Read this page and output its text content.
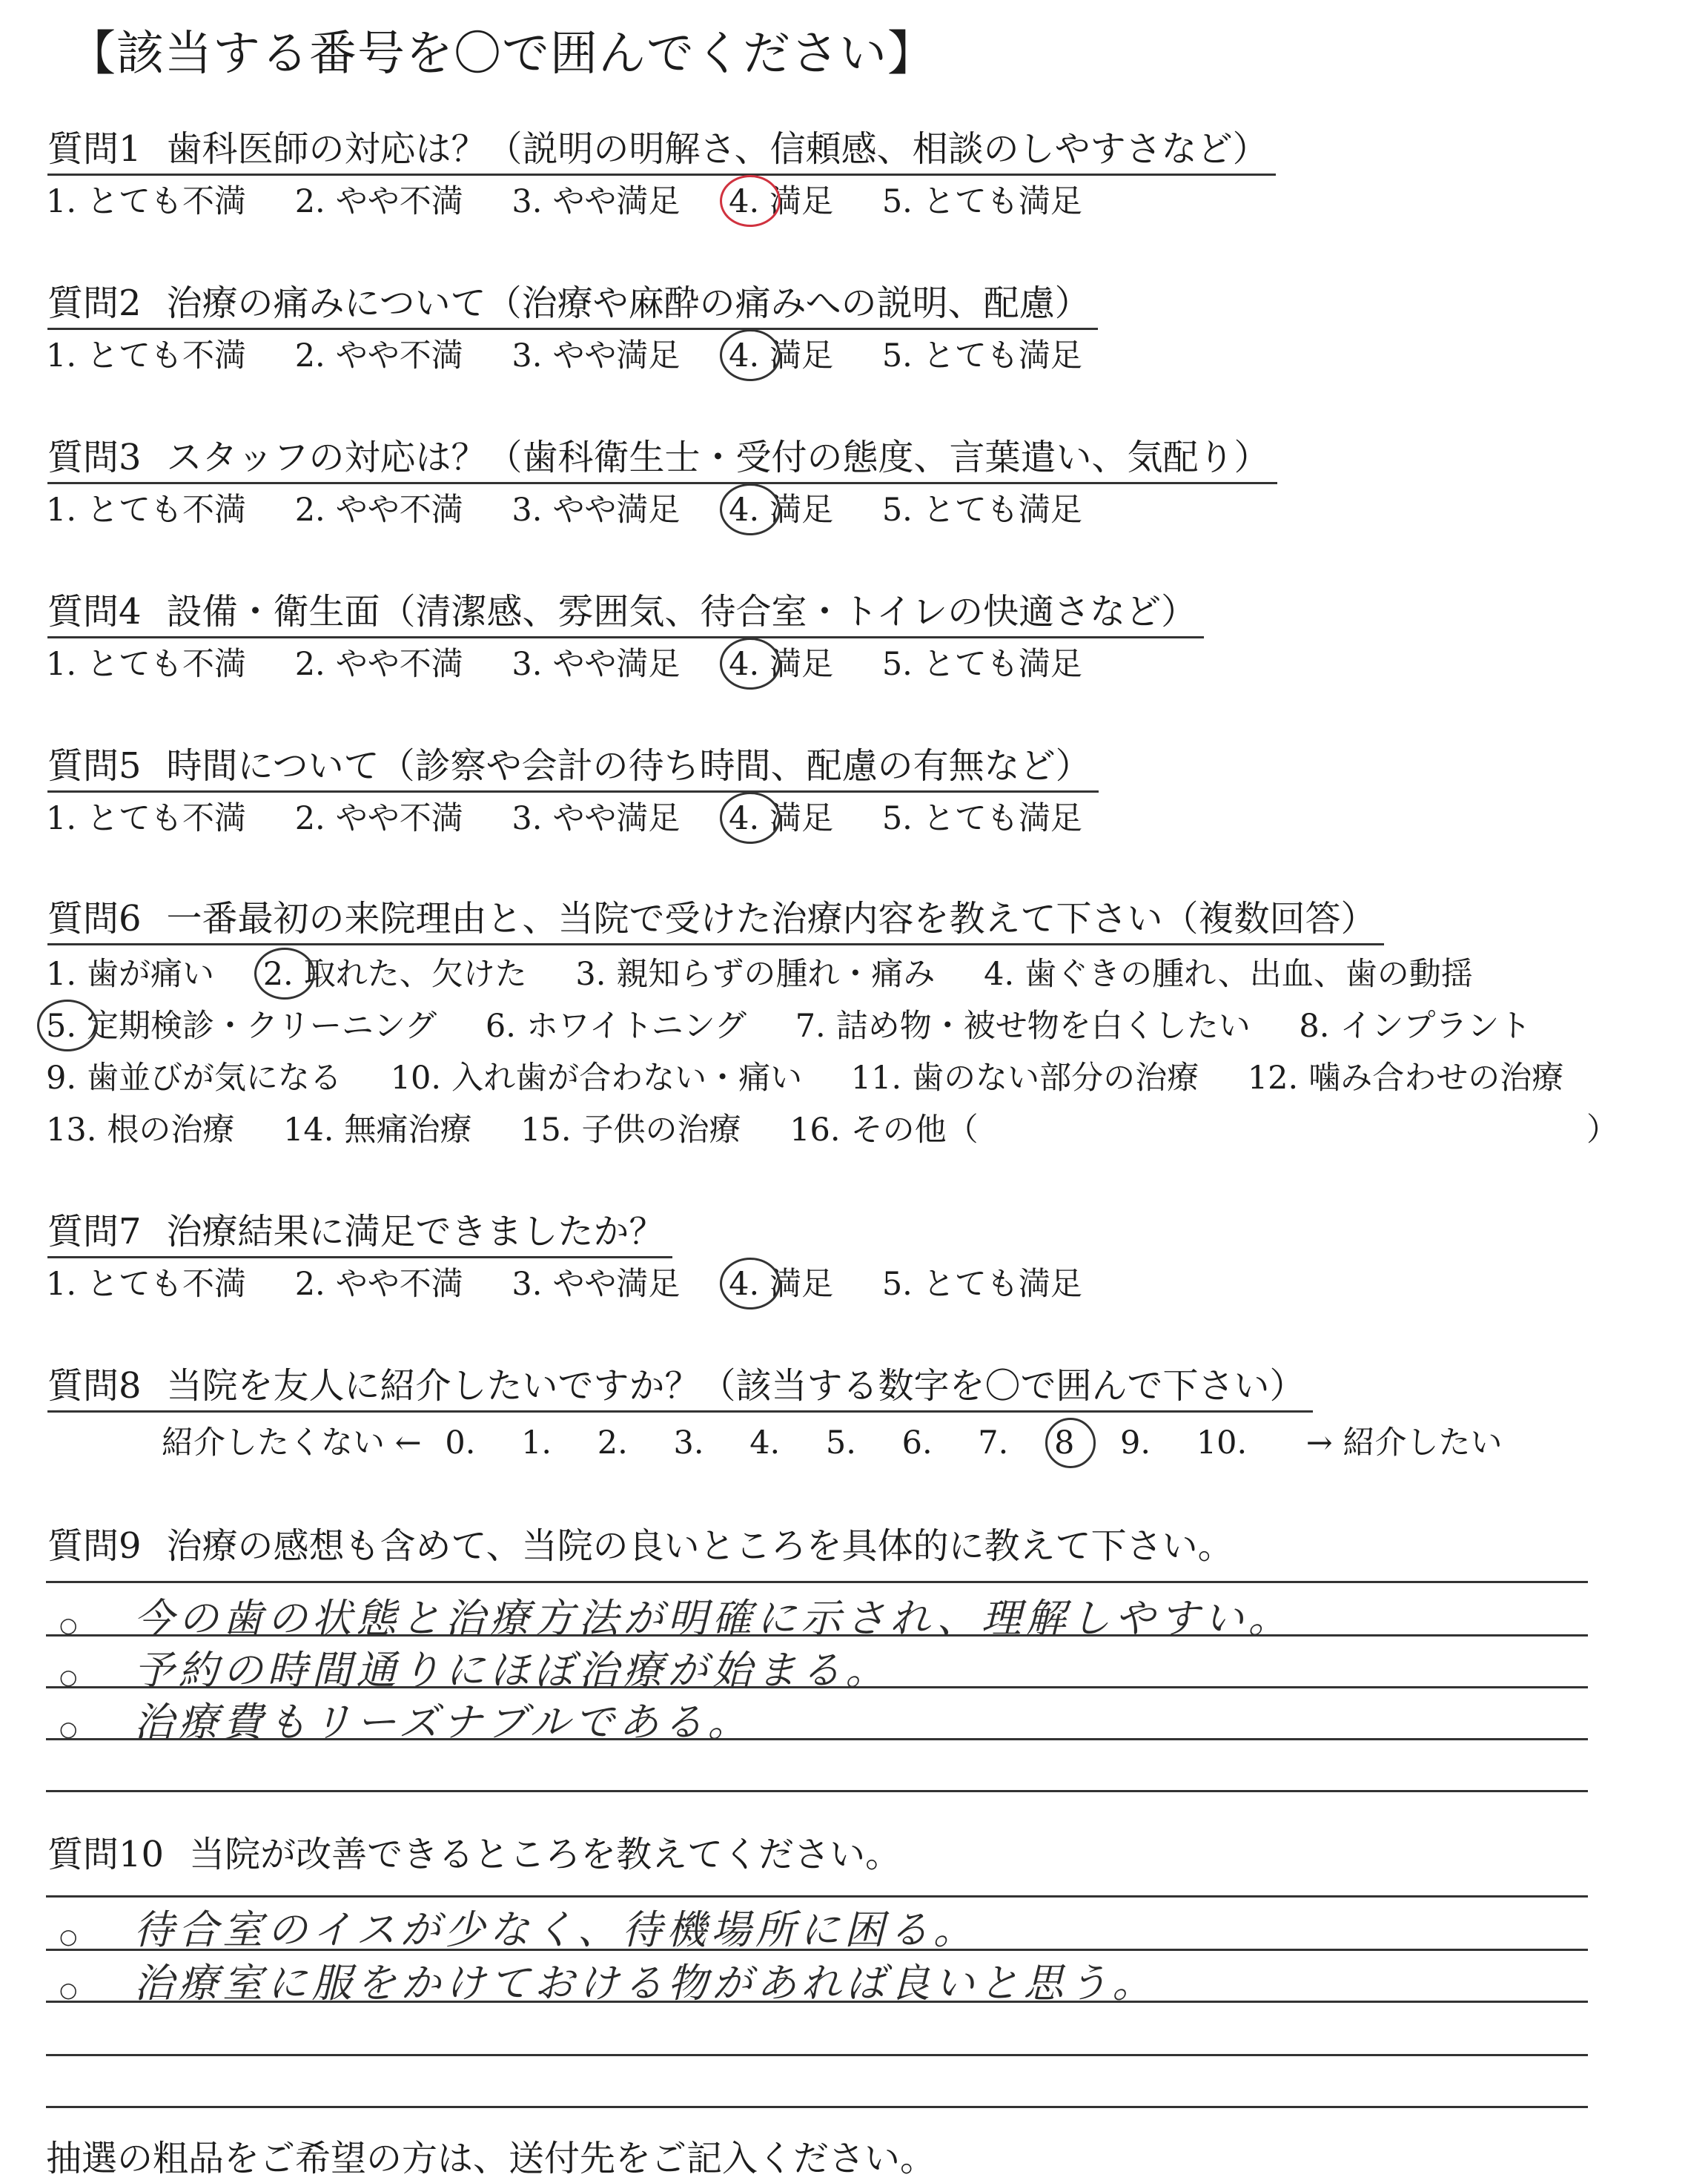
【該当する番号を〇で囲んでください】
質問1 歯科医師の対応は？（説明の明解さ、信頼感、相談のしやすさなど）
1. とても不満 2. やや不満 3. やや満足 4. 満足 5. とても満足
質問2 治療の痛みについて（治療や麻酔の痛みへの説明、配慮）
1. とても不満 2. やや不満 3. やや満足 4. 満足 5. とても満足
質問3 スタッフの対応は？（歯科衛生士・受付の態度、言葉遣い、気配り）
1. とても不満 2. やや不満 3. やや満足 4. 満足 5. とても満足
質問4 設備・衛生面（清潔感、雰囲気、待合室・トイレの快適さなど）
1. とても不満 2. やや不満 3. やや満足 4. 満足 5. とても満足
質問5 時間について（診察や会計の待ち時間、配慮の有無など）
1. とても不満 2. やや不満 3. やや満足 4. 満足 5. とても満足
質問6 一番最初の来院理由と、当院で受けた治療内容を教えて下さい（複数回答）
1. 歯が痛い 2. 取れた、欠けた 3. 親知らずの腫れ・痛み 4. 歯ぐきの腫れ、出血、歯の動揺
5. 定期検診・クリーニング 6. ホワイトニング 7. 詰め物・被せ物を白くしたい 8. インプラント
9. 歯並びが気になる 10. 入れ歯が合わない・痛い 11. 歯のない部分の治療 12. 噛み合わせの治療
13. 根の治療 14. 無痛治療 15. 子供の治療 16. その他（	）
質問7 治療結果に満足できましたか？
1. とても不満 2. やや不満 3. やや満足 4. 満足 5. とても満足
質問8 当院を友人に紹介したいですか？（該当する数字を〇で囲んで下さい）
紹介したくない ← 0. 1. 2. 3. 4. 5. 6. 7. 8 9. 10. → 紹介したい
質問9 治療の感想も含めて、当院の良いところを具体的に教えて下さい。
○ 今の歯の状態と治療方法が明確に示され、理解しやすい。
○ 予約の時間通りにほぼ治療が始まる。
○ 治療費もリーズナブルである。
質問10 当院が改善できるところを教えてください。
○ 待合室のイスが少なく、待機場所に困る。
○ 治療室に服をかけておける物があれば良いと思う。
抽選の粗品をご希望の方は、送付先をご記入ください。
